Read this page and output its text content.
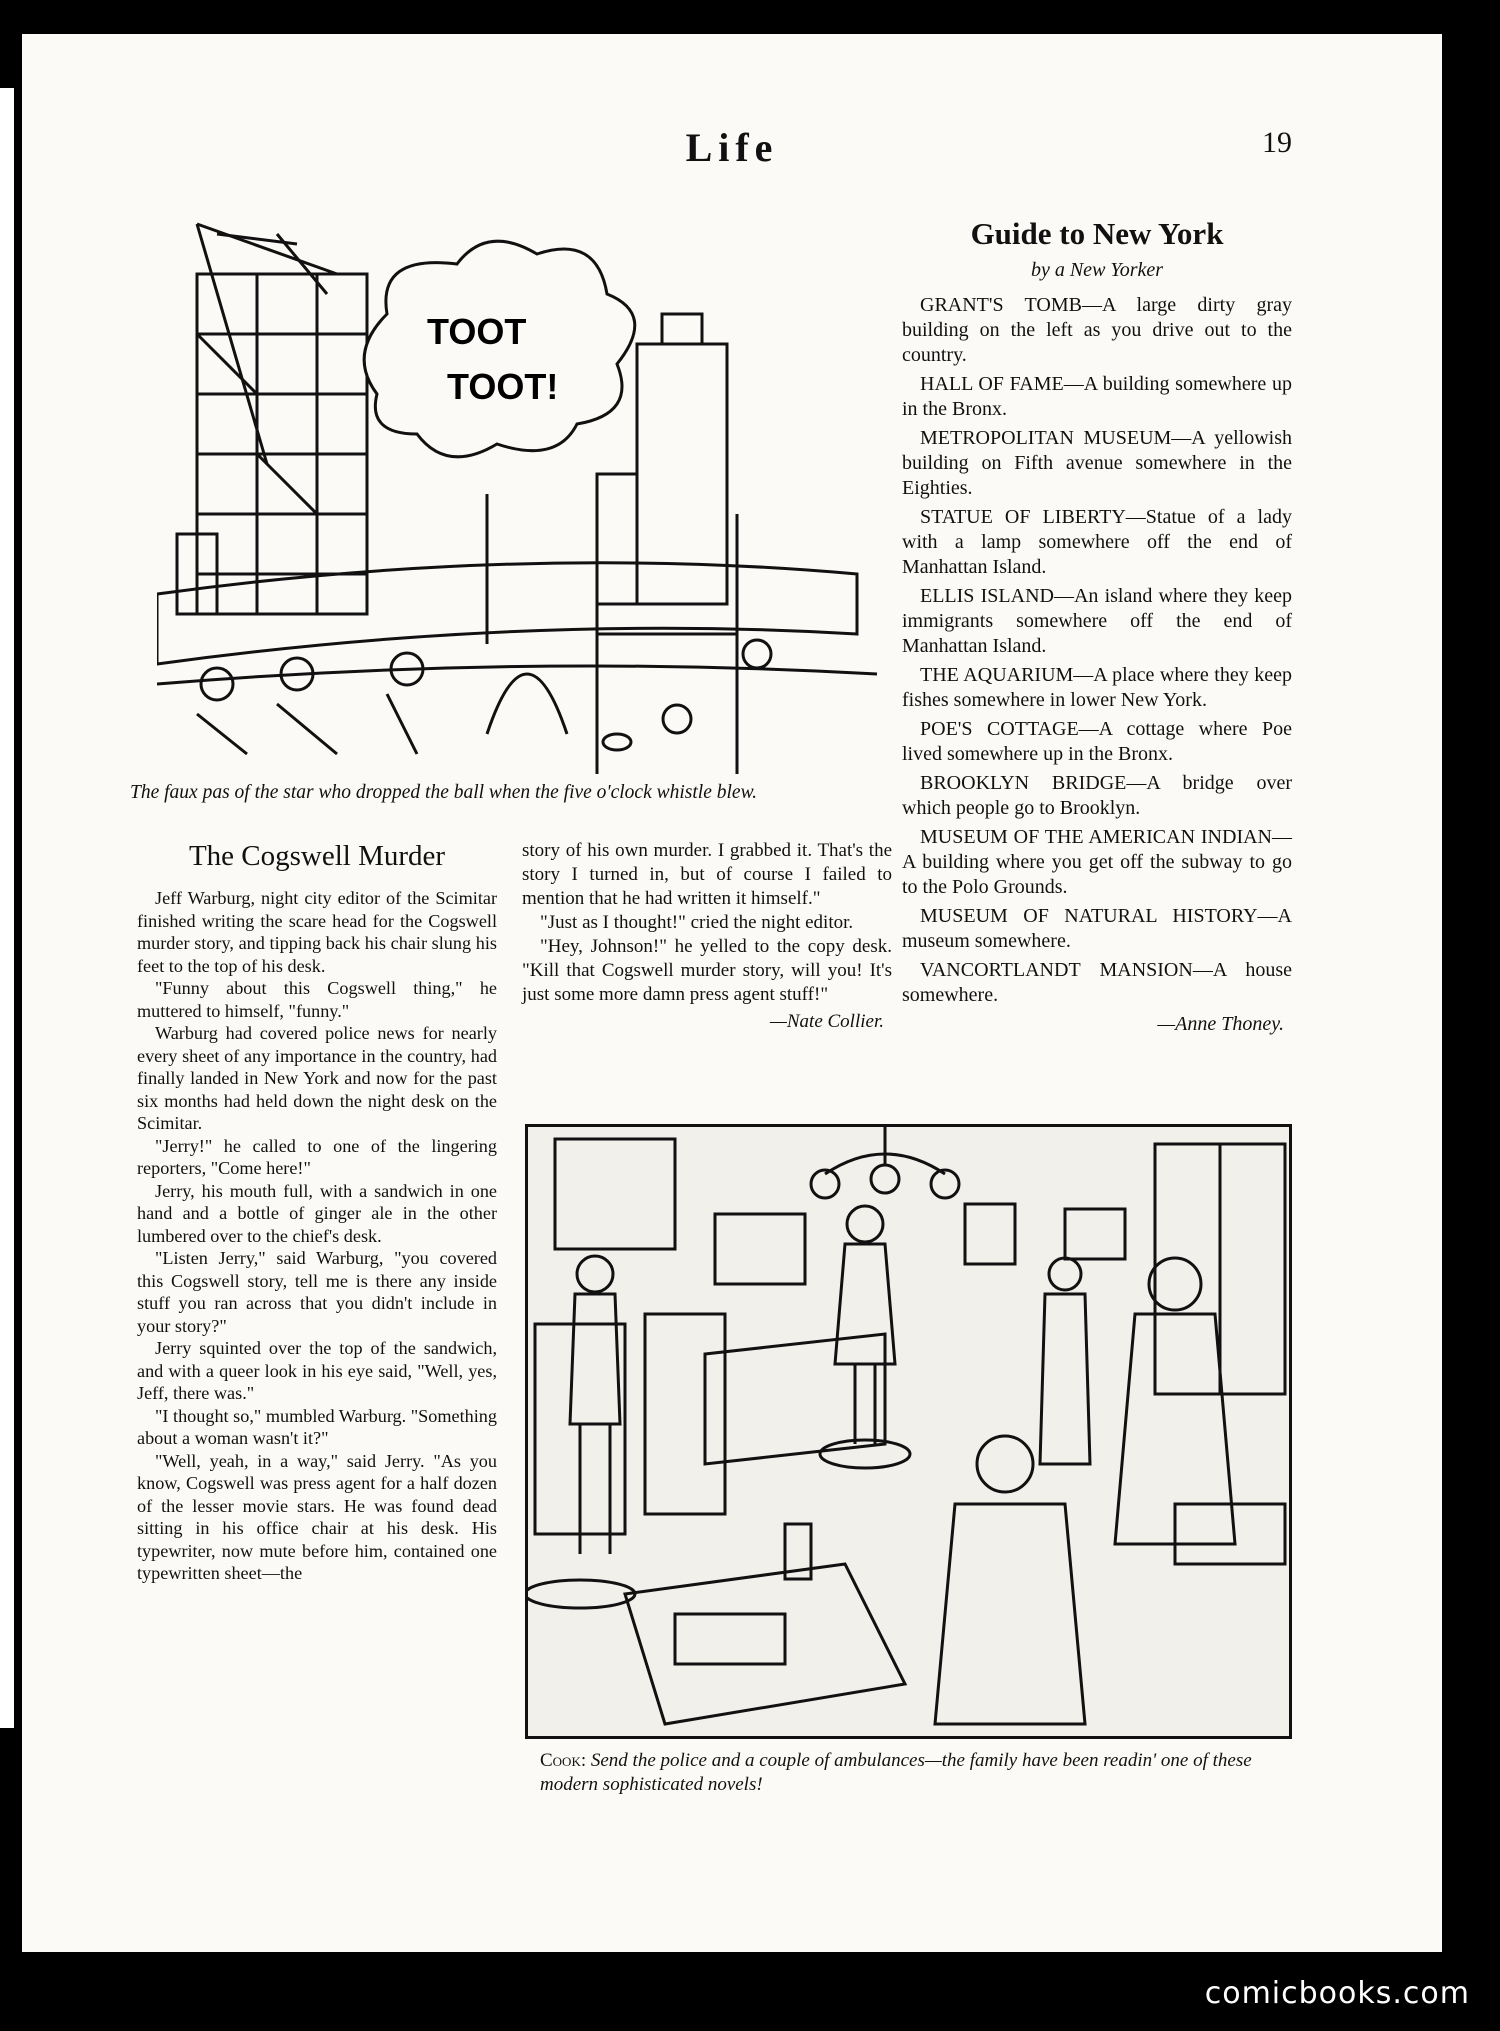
Life	19
TOOT
TOOT!
The faux pas of the star who dropped the ball when the five o'clock whistle blew.
Guide to New York
by a New Yorker

GRANT'S TOMB—A large dirty gray building on the left as you drive out to the country.

HALL OF FAME—A building somewhere up in the Bronx.

METROPOLITAN MUSEUM—A yellowish building on Fifth avenue somewhere in the Eighties.

STATUE OF LIBERTY—Statue of a lady with a lamp somewhere off the end of Manhattan Island.

ELLIS ISLAND—An island where they keep immigrants somewhere off the end of Manhattan Island.

THE AQUARIUM—A place where they keep fishes somewhere in lower New York.

POE'S COTTAGE—A cottage where Poe lived somewhere up in the Bronx.

BROOKLYN BRIDGE—A bridge over which people go to Brooklyn.

MUSEUM OF THE AMERICAN INDIAN—A building where you get off the subway to go to the Polo Grounds.

MUSEUM OF NATURAL HISTORY—A museum somewhere.

VANCORTLANDT MANSION—A house somewhere.

—Anne Thoney.
The Cogswell Murder

Jeff Warburg, night city editor of the Scimitar finished writing the scare head for the Cogswell murder story, and tipping back his chair slung his feet to the top of his desk.

"Funny about this Cogswell thing," he muttered to himself, "funny."

Warburg had covered police news for nearly every sheet of any importance in the country, had finally landed in New York and now for the past six months had held down the night desk on the Scimitar.

"Jerry!" he called to one of the lingering reporters, "Come here!"

Jerry, his mouth full, with a sandwich in one hand and a bottle of ginger ale in the other lumbered over to the chief's desk.

"Listen Jerry," said Warburg, "you covered this Cogswell story, tell me is there any inside stuff you ran across that you didn't include in your story?"

Jerry squinted over the top of the sandwich, and with a queer look in his eye said, "Well, yes, Jeff, there was."

"I thought so," mumbled Warburg. "Something about a woman wasn't it?"

"Well, yeah, in a way," said Jerry. "As you know, Cogswell was press agent for a half dozen of the lesser movie stars. He was found dead sitting in his office chair at his desk. His typewriter, now mute before him, contained one typewritten sheet—the

story of his own murder. I grabbed it. That's the story I turned in, but of course I failed to mention that he had written it himself."

"Just as I thought!" cried the night editor.

"Hey, Johnson!" he yelled to the copy desk. "Kill that Cogswell murder story, will you! It's just some more damn press agent stuff!"

—Nate Collier.
Cook: Send the police and a couple of ambulances—the family have been readin' one of these modern sophisticated novels!
comicbooks.com
